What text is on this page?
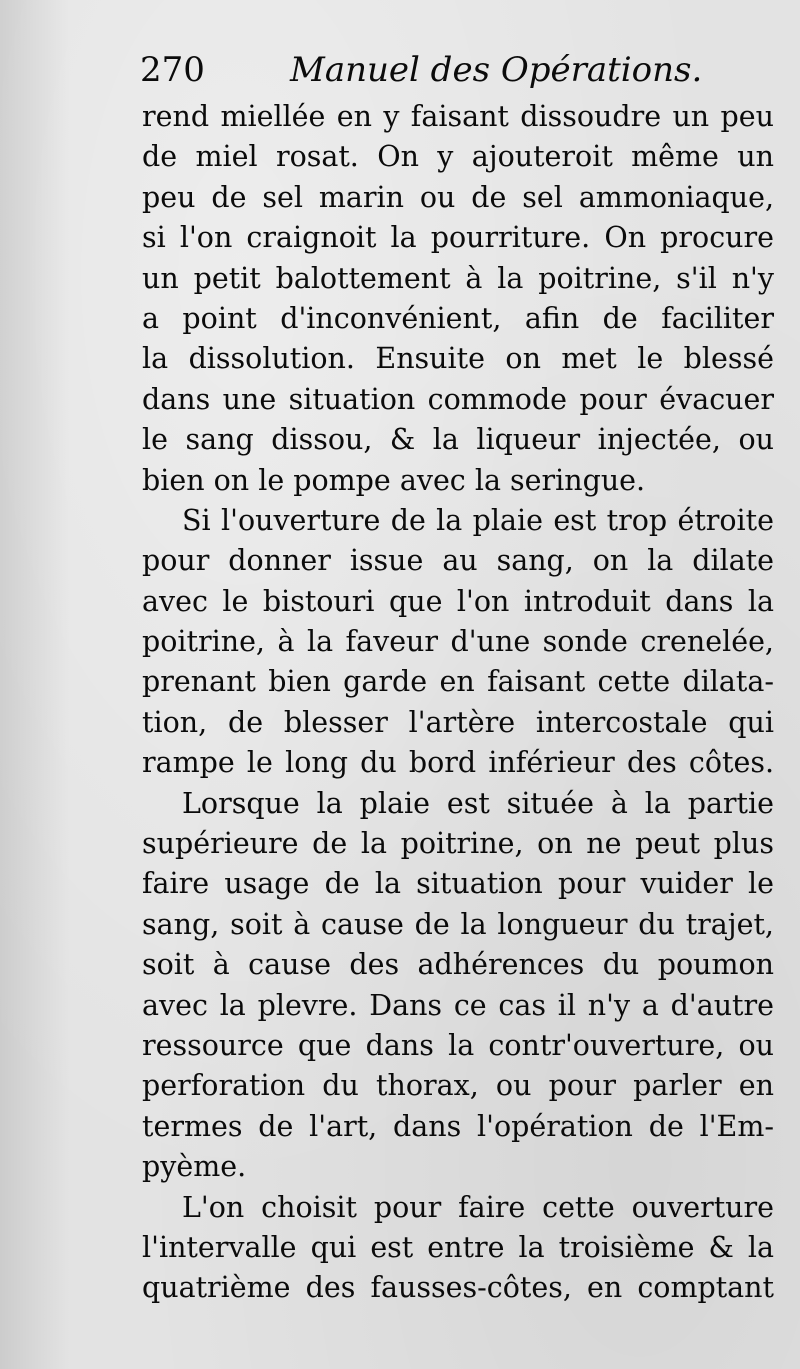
270	Manuel des Opérations.
rend miellée en y faisant dissoudre un peu
de miel rosat. On y ajouteroit même un
peu de sel marin ou de sel ammoniaque,
si l'on craignoit la pourriture. On procure
un petit balottement à la poitrine, s'il n'y
a point d'inconvénient, afin de faciliter
la dissolution. Ensuite on met le blessé
dans une situation commode pour évacuer
le sang dissou, & la liqueur injectée, ou
bien on le pompe avec la seringue.
Si l'ouverture de la plaie est trop étroite
pour donner issue au sang, on la dilate
avec le bistouri que l'on introduit dans la
poitrine, à la faveur d'une sonde crenelée,
prenant bien garde en faisant cette dilata-
tion, de blesser l'artère intercostale qui
rampe le long du bord inférieur des côtes.
Lorsque la plaie est située à la partie
supérieure de la poitrine, on ne peut plus
faire usage de la situation pour vuider le
sang, soit à cause de la longueur du trajet,
soit à cause des adhérences du poumon
avec la plevre. Dans ce cas il n'y a d'autre
ressource que dans la contr'ouverture, ou
perforation du thorax, ou pour parler en
termes de l'art, dans l'opération de l'Em-
pyème.
L'on choisit pour faire cette ouverture
l'intervalle qui est entre la troisième & la
quatrième des fausses-côtes, en comptant
